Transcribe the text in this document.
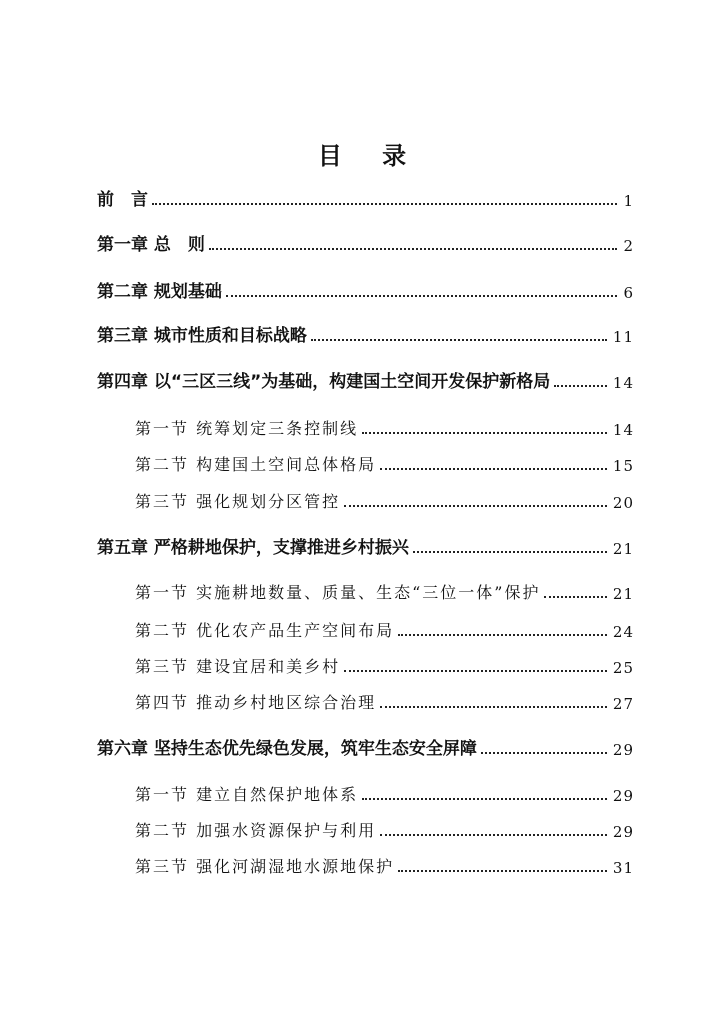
目 录
前　言	1
第一章 总　则	2
第二章 规划基础	6
第三章 城市性质和目标战略	11
第四章 以“三区三线”为基础，构建国土空间开发保护新格局	14
第一节 统筹划定三条控制线	14
第二节 构建国土空间总体格局	15
第三节 强化规划分区管控	20
第五章 严格耕地保护，支撑推进乡村振兴	21
第一节 实施耕地数量、质量、生态“三位一体”保护	21
第二节 优化农产品生产空间布局	24
第三节 建设宜居和美乡村	25
第四节 推动乡村地区综合治理	27
第六章 坚持生态优先绿色发展，筑牢生态安全屏障	29
第一节 建立自然保护地体系	29
第二节 加强水资源保护与利用	29
第三节 强化河湖湿地水源地保护	31
